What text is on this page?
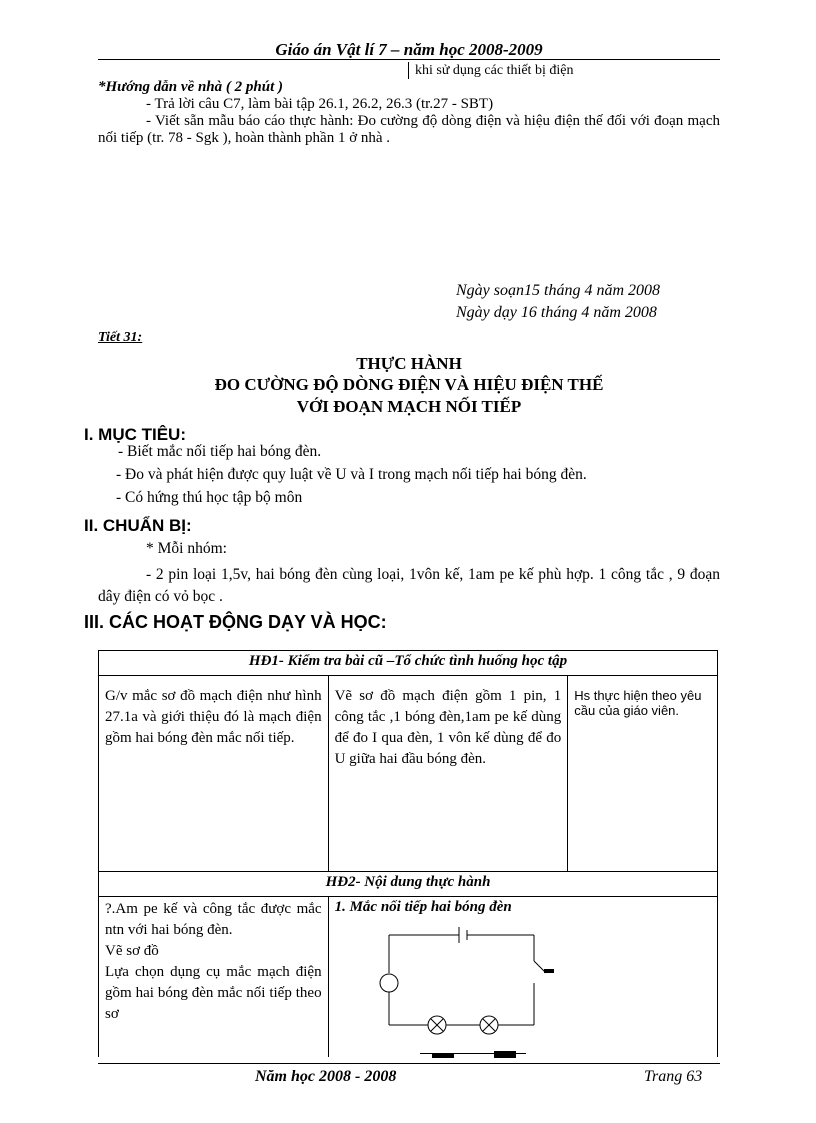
Giáo án Vật lí 7 – năm học 2008-2009
khi sử dụng các thiết bị điện
*Hướng dẫn về nhà ( 2 phút )
- Trả lời câu C7, làm bài tập 26.1, 26.2, 26.3 (tr.27 - SBT)
- Viết sẵn mẫu báo cáo thực hành: Đo cường độ dòng điện và hiệu điện thế đối với đoạn mạch nối tiếp (tr. 78 - Sgk ), hoàn thành phần 1 ở nhà .
Ngày soạn15 tháng 4 năm 2008
Ngày dạy 16 tháng 4 năm 2008
Tiết 31:
THỰC HÀNH
ĐO CƯỜNG ĐỘ DÒNG ĐIỆN VÀ HIỆU ĐIỆN THẾ
VỚI ĐOẠN MẠCH NỐI TIẾP
I. MỤC TIÊU:
- Biết mắc nối tiếp hai bóng đèn.
- Đo và phát hiện được quy luật về U và I trong mạch nối tiếp hai bóng đèn.
- Có hứng thú học tập bộ môn
II. CHUẨN BỊ:
* Mỗi nhóm:
- 2 pin loại 1,5v, hai bóng đèn cùng loại, 1vôn kế, 1am pe kế phù hợp. 1 công tắc , 9 đoạn dây điện có vỏ bọc .
III. CÁC HOẠT ĐỘNG DẠY VÀ HỌC:
HĐ1- Kiểm tra bài cũ –Tổ chức tình huống học tập		
G/v mắc sơ đồ mạch điện như hình 27.1a và giới thiệu đó là mạch điện gồm hai bóng đèn mắc nối tiếp.	Vẽ sơ đồ mạch điện gồm 1 pin, 1 công tắc ,1 bóng đèn,1am pe kế dùng để đo I qua đèn, 1 vôn kế dùng để đo U giữa hai đầu bóng đèn.	Hs thực hiện theo yêu cầu của giáo viên.
HĐ2- Nội dung thực hành		
?.Am pe kế và công tắc được mắc ntn với hai bóng đèn.
Vẽ sơ đồ
Lựa chọn dụng cụ mắc mạch điện gồm hai bóng đèn mắc nối tiếp theo sơ	1. Mắc nối tiếp hai bóng đèn	
Năm học 2008 - 2008	Trang 63
